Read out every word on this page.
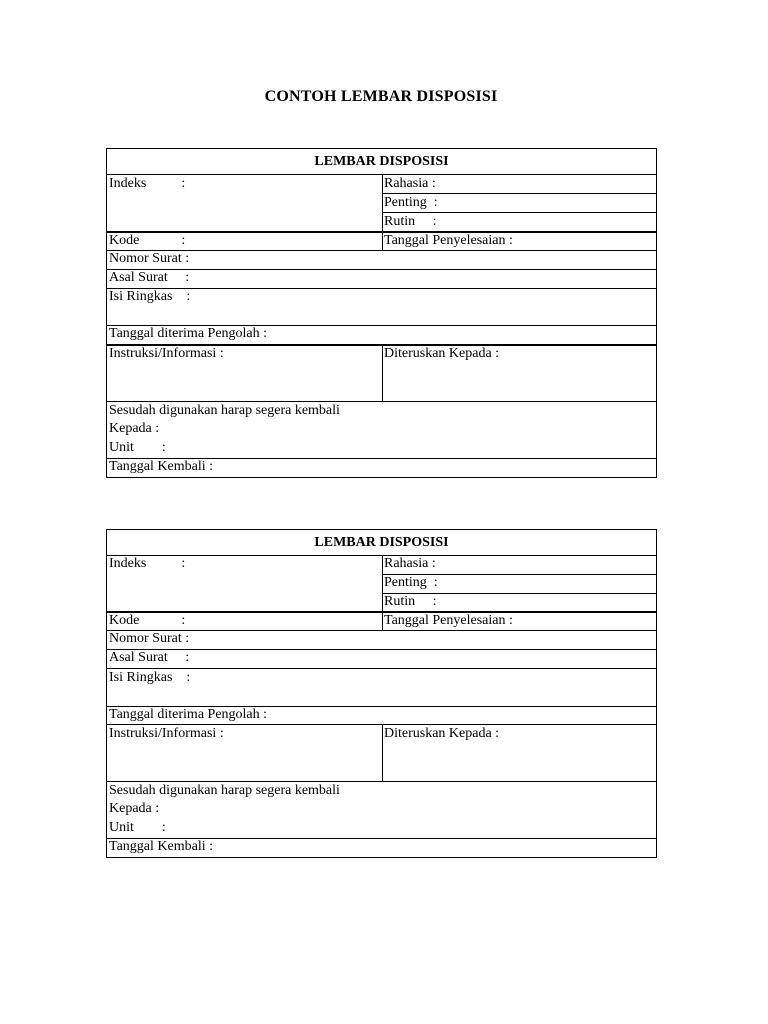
CONTOH LEMBAR DISPOSISI
LEMBAR DISPOSISI
Indeks          :	Rahasia :
Penting  :
Rutin     :
Kode            :	Tanggal Penyelesaian :
Nomor Surat :
Asal Surat     :
Isi Ringkas    :
Tanggal diterima Pengolah :
Instruksi/Informasi :	Diteruskan Kepada :
Sesudah digunakan harap segera kembali
Kepada :
Unit        :
Tanggal Kembali :
LEMBAR DISPOSISI
Indeks          :	Rahasia :
Penting  :
Rutin     :
Kode            :	Tanggal Penyelesaian :
Nomor Surat :
Asal Surat     :
Isi Ringkas    :
Tanggal diterima Pengolah :
Instruksi/Informasi :	Diteruskan Kepada :
Sesudah digunakan harap segera kembali
Kepada :
Unit        :
Tanggal Kembali :
